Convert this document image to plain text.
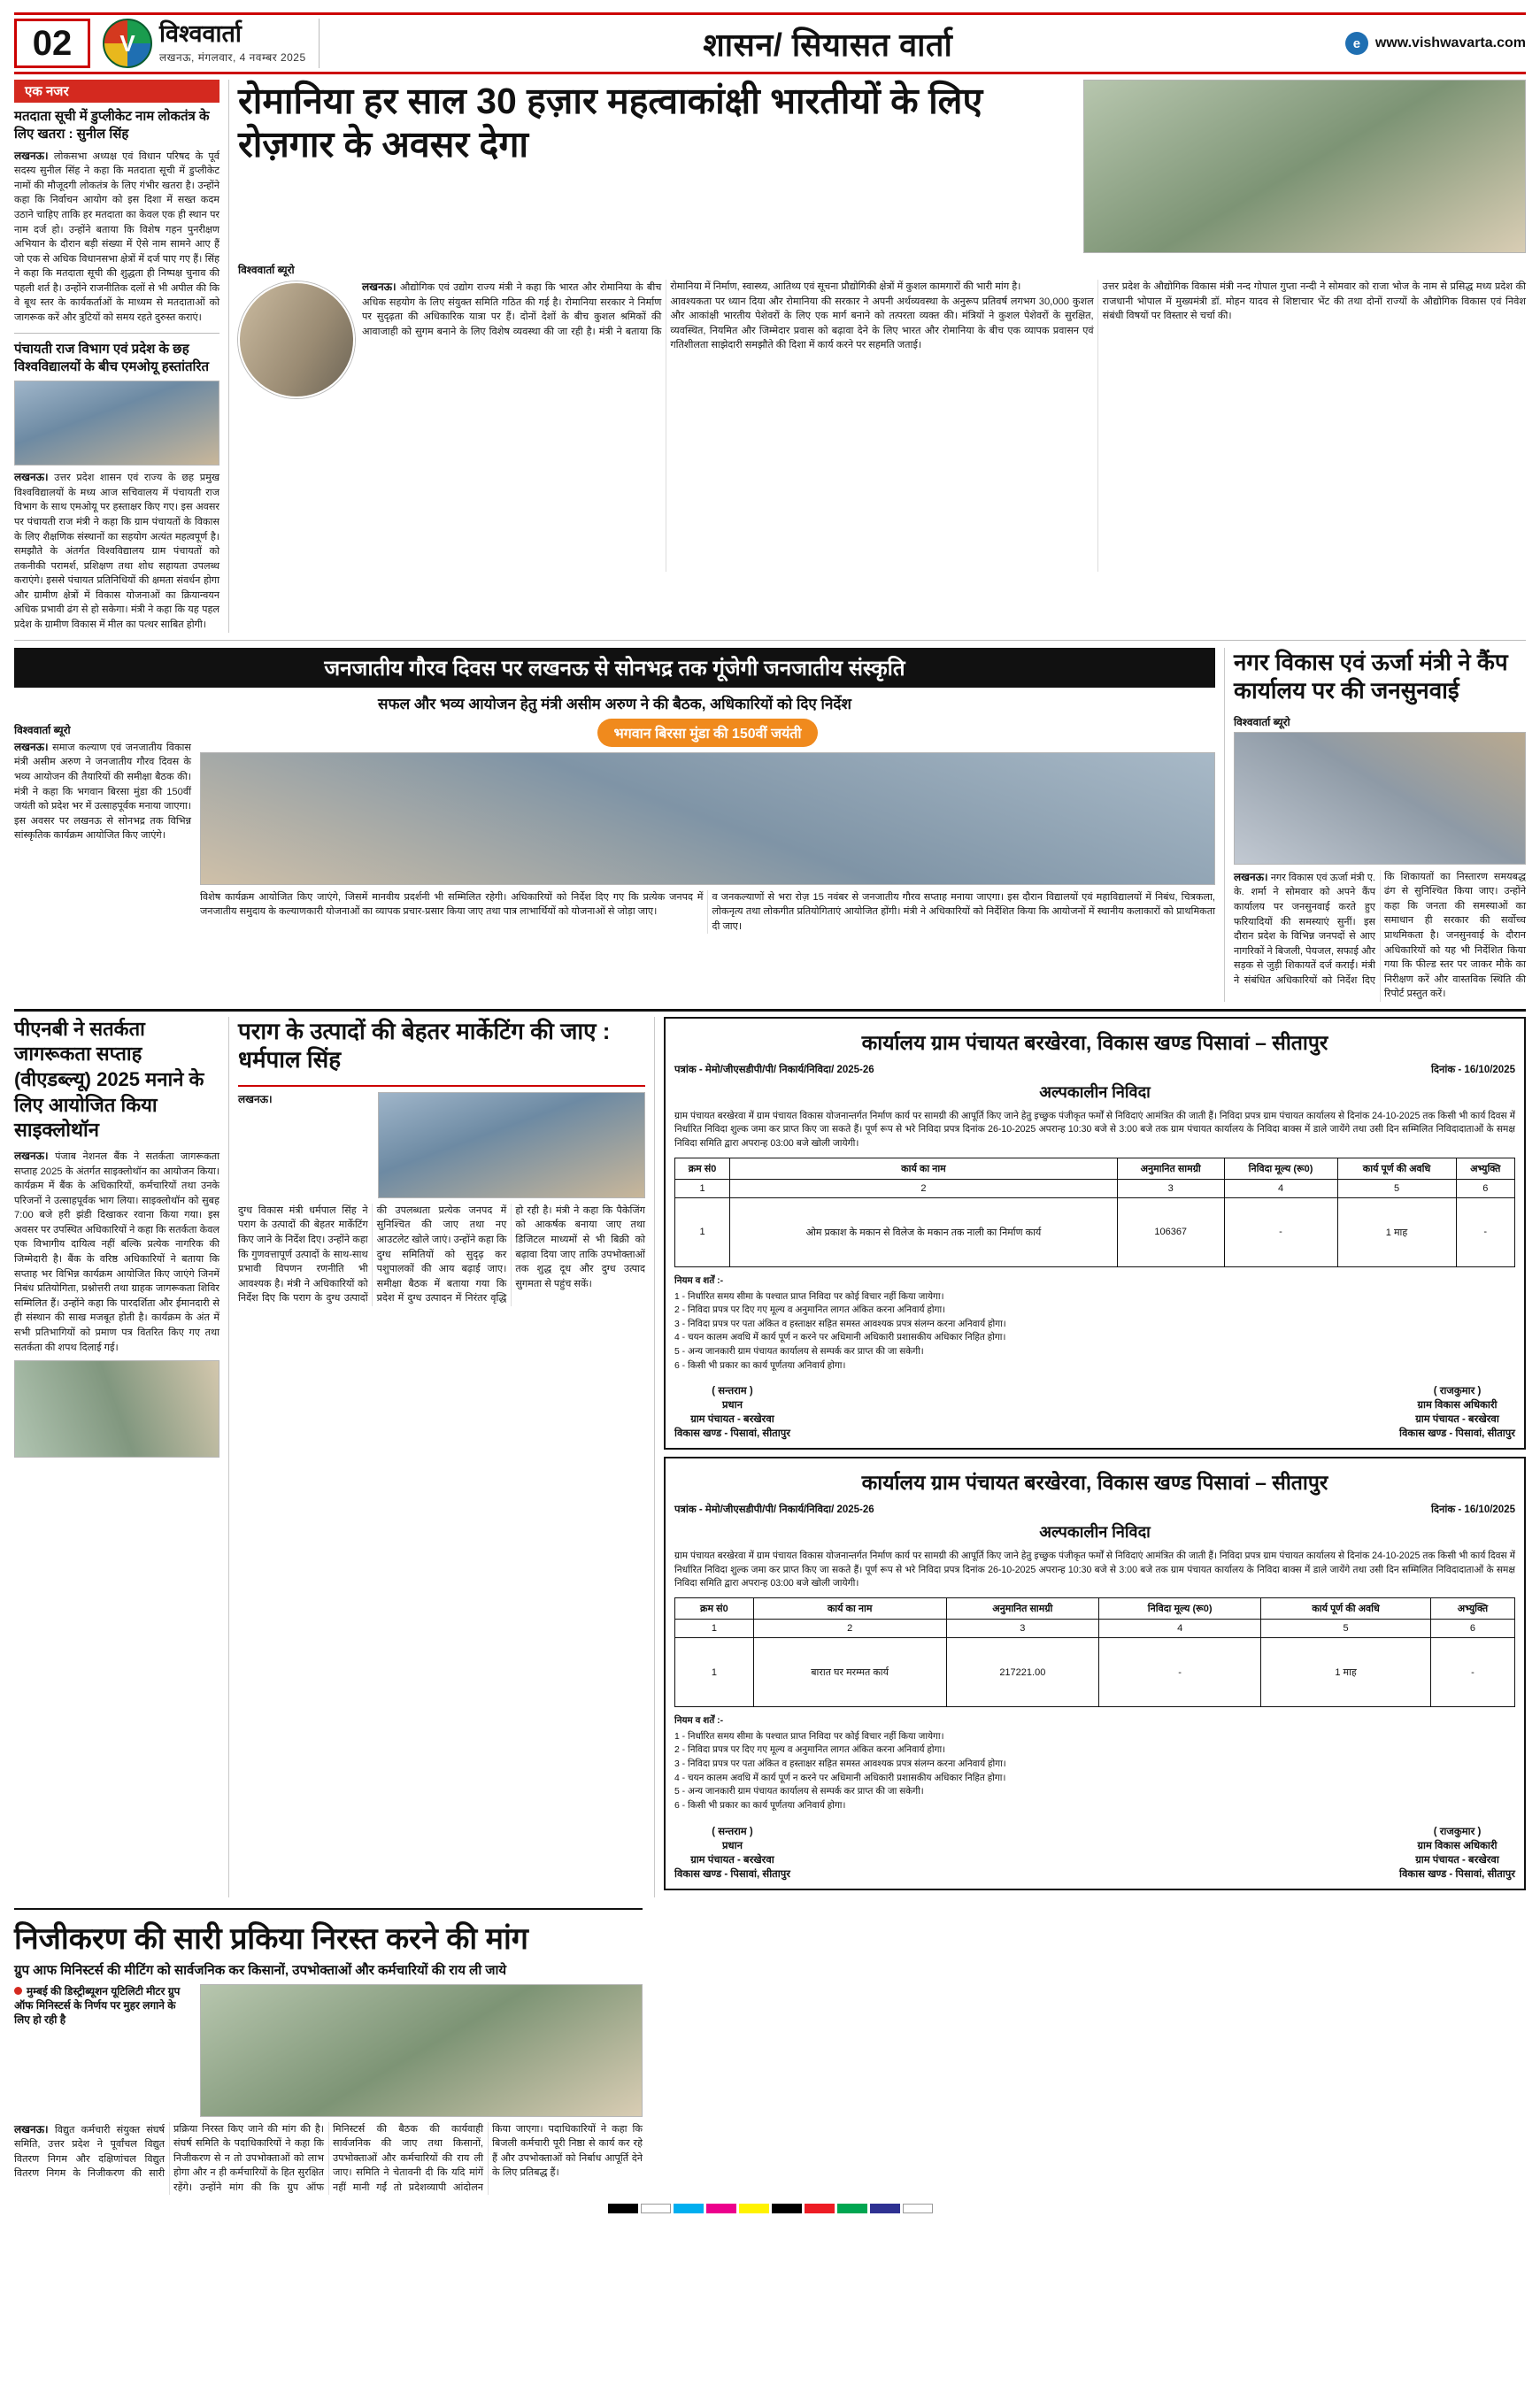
02	V	विश्ववार्ता
लखनऊ, मंगलवार, 4 नवम्बर 2025	शासन/ सियासत वार्ता	e	www.vishwavarta.com
एक नजर
मतदाता सूची में डुप्लीकेट नाम लोकतंत्र के लिए खतरा : सुनील सिंह
लखनऊ। लोकसभा अध्यक्ष एवं विधान परिषद के पूर्व सदस्य सुनील सिंह ने कहा कि मतदाता सूची में डुप्लीकेट नामों की मौजूदगी लोकतंत्र के लिए गंभीर खतरा है। उन्होंने कहा कि निर्वाचन आयोग को इस दिशा में सख्त कदम उठाने चाहिए ताकि हर मतदाता का केवल एक ही स्थान पर नाम दर्ज हो। उन्होंने बताया कि विशेष गहन पुनरीक्षण अभियान के दौरान बड़ी संख्या में ऐसे नाम सामने आए हैं जो एक से अधिक विधानसभा क्षेत्रों में दर्ज पाए गए हैं। सिंह ने कहा कि मतदाता सूची की शुद्धता ही निष्पक्ष चुनाव की पहली शर्त है। उन्होंने राजनीतिक दलों से भी अपील की कि वे बूथ स्तर के कार्यकर्ताओं के माध्यम से मतदाताओं को जागरूक करें और त्रुटियों को समय रहते दुरुस्त कराएं।
पंचायती राज विभाग एवं प्रदेश के छह विश्वविद्यालयों के बीच एमओयू हस्तांतरित
लखनऊ। उत्तर प्रदेश शासन एवं राज्य के छह प्रमुख विश्वविद्यालयों के मध्य आज सचिवालय में पंचायती राज विभाग के साथ एमओयू पर हस्ताक्षर किए गए। इस अवसर पर पंचायती राज मंत्री ने कहा कि ग्राम पंचायतों के विकास के लिए शैक्षणिक संस्थानों का सहयोग अत्यंत महत्वपूर्ण है। समझौते के अंतर्गत विश्वविद्यालय ग्राम पंचायतों को तकनीकी परामर्श, प्रशिक्षण तथा शोध सहायता उपलब्ध कराएंगे। इससे पंचायत प्रतिनिधियों की क्षमता संवर्धन होगा और ग्रामीण क्षेत्रों में विकास योजनाओं का क्रियान्वयन अधिक प्रभावी ढंग से हो सकेगा। मंत्री ने कहा कि यह पहल प्रदेश के ग्रामीण विकास में मील का पत्थर साबित होगी।
रोमानिया हर साल 30 हज़ार महत्वाकांक्षी भारतीयों के लिए रोज़गार के अवसर देगा
विश्ववार्ता ब्यूरो
लखनऊ। औद्योगिक एवं उद्योग राज्य मंत्री ने कहा कि भारत और रोमानिया के बीच अधिक सहयोग के लिए संयुक्त समिति गठित की गई है। रोमानिया सरकार ने निर्माण पर सुदृढ़ता की अधिकारिक यात्रा पर हैं। दोनों देशों के बीच कुशल श्रमिकों की आवाजाही को सुगम बनाने के लिए विशेष व्यवस्था की जा रही है। मंत्री ने बताया कि रोमानिया में निर्माण, स्वास्थ्य, आतिथ्य एवं सूचना प्रौद्योगिकी क्षेत्रों में कुशल कामगारों की भारी मांग है।
आवश्यकता पर ध्यान दिया और रोमानिया की सरकार ने अपनी अर्थव्यवस्था के अनुरूप प्रतिवर्ष लगभग 30,000 कुशल और आकांक्षी भारतीय पेशेवरों के लिए एक मार्ग बनाने को तत्परता व्यक्त की। मंत्रियों ने कुशल पेशेवरों के सुरक्षित, व्यवस्थित, नियमित और जिम्मेदार प्रवास को बढ़ावा देने के लिए भारत और रोमानिया के बीच एक व्यापक प्रवासन एवं गतिशीलता साझेदारी समझौते की दिशा में कार्य करने पर सहमति जताई।
उत्तर प्रदेश के औद्योगिक विकास मंत्री नन्द गोपाल गुप्ता नन्दी ने सोमवार को राजा भोज के नाम से प्रसिद्ध मध्य प्रदेश की राजधानी भोपाल में मुख्यमंत्री डॉ. मोहन यादव से शिष्टाचार भेंट की तथा दोनों राज्यों के औद्योगिक विकास एवं निवेश संबंधी विषयों पर विस्तार से चर्चा की।
जनजातीय गौरव दिवस पर लखनऊ से सोनभद्र तक गूंजेगी जनजातीय संस्कृति
सफल और भव्य आयोजन हेतु मंत्री असीम अरुण ने की बैठक, अधिकारियों को दिए निर्देश
विश्ववार्ता ब्यूरो
लखनऊ। समाज कल्याण एवं जनजातीय विकास मंत्री असीम अरुण ने जनजातीय गौरव दिवस के भव्य आयोजन की तैयारियों की समीक्षा बैठक की। मंत्री ने कहा कि भगवान बिरसा मुंडा की 150वीं जयंती को प्रदेश भर में उत्साहपूर्वक मनाया जाएगा। इस अवसर पर लखनऊ से सोनभद्र तक विभिन्न सांस्कृतिक कार्यक्रम आयोजित किए जाएंगे।
भगवान बिरसा मुंडा की 150वीं जयंती
विशेष कार्यक्रम आयोजित किए जाएंगे, जिसमें मानवीय प्रदर्शनी भी सम्मिलित रहेगी। अधिकारियों को निर्देश दिए गए कि प्रत्येक जनपद में जनजातीय समुदाय के कल्याणकारी योजनाओं का व्यापक प्रचार-प्रसार किया जाए तथा पात्र लाभार्थियों को योजनाओं से जोड़ा जाए।
व जनकल्याणों से भरा रोज़ 15 नवंबर से जनजातीय गौरव सप्ताह मनाया जाएगा। इस दौरान विद्यालयों एवं महाविद्यालयों में निबंध, चित्रकला, लोकनृत्य तथा लोकगीत प्रतियोगिताएं आयोजित होंगी। मंत्री ने अधिकारियों को निर्देशित किया कि आयोजनों में स्थानीय कलाकारों को प्राथमिकता दी जाए।
नगर विकास एवं ऊर्जा मंत्री ने कैंप कार्यालय पर की जनसुनवाई
विश्ववार्ता ब्यूरो
लखनऊ। नगर विकास एवं ऊर्जा मंत्री ए. के. शर्मा ने सोमवार को अपने कैंप कार्यालय पर जनसुनवाई करते हुए फरियादियों की समस्याएं सुनीं। इस दौरान प्रदेश के विभिन्न जनपदों से आए नागरिकों ने बिजली, पेयजल, सफाई और सड़क से जुड़ी शिकायतें दर्ज कराईं। मंत्री ने संबंधित अधिकारियों को निर्देश दिए कि शिकायतों का निस्तारण समयबद्ध ढंग से सुनिश्चित किया जाए। उन्होंने कहा कि जनता की समस्याओं का समाधान ही सरकार की सर्वोच्च प्राथमिकता है। जनसुनवाई के दौरान अधिकारियों को यह भी निर्देशित किया गया कि फील्ड स्तर पर जाकर मौके का निरीक्षण करें और वास्तविक स्थिति की रिपोर्ट प्रस्तुत करें।
पीएनबी ने सतर्कता जागरूकता सप्ताह (वीएडब्ल्यू) 2025 मनाने के लिए आयोजित किया साइक्लोथॉन
लखनऊ। पंजाब नेशनल बैंक ने सतर्कता जागरूकता सप्ताह 2025 के अंतर्गत साइक्लोथॉन का आयोजन किया। कार्यक्रम में बैंक के अधिकारियों, कर्मचारियों तथा उनके परिजनों ने उत्साहपूर्वक भाग लिया। साइक्लोथॉन को सुबह 7:00 बजे हरी झंडी दिखाकर रवाना किया गया। इस अवसर पर उपस्थित अधिकारियों ने कहा कि सतर्कता केवल एक विभागीय दायित्व नहीं बल्कि प्रत्येक नागरिक की जिम्मेदारी है। बैंक के वरिष्ठ अधिकारियों ने बताया कि सप्ताह भर विभिन्न कार्यक्रम आयोजित किए जाएंगे जिनमें निबंध प्रतियोगिता, प्रश्नोत्तरी तथा ग्राहक जागरूकता शिविर सम्मिलित हैं। उन्होंने कहा कि पारदर्शिता और ईमानदारी से ही संस्थान की साख मजबूत होती है। कार्यक्रम के अंत में सभी प्रतिभागियों को प्रमाण पत्र वितरित किए गए तथा सतर्कता की शपथ दिलाई गई।
पराग के उत्पादों की बेहतर मार्केटिंग की जाए : धर्मपाल सिंह
लखनऊ।
दुग्ध विकास मंत्री धर्मपाल सिंह ने पराग के उत्पादों की बेहतर मार्केटिंग किए जाने के निर्देश दिए। उन्होंने कहा कि गुणवत्तापूर्ण उत्पादों के साथ-साथ प्रभावी विपणन रणनीति भी आवश्यक है। मंत्री ने अधिकारियों को निर्देश दिए कि पराग के दुग्ध उत्पादों की उपलब्धता प्रत्येक जनपद में सुनिश्चित की जाए तथा नए आउटलेट खोले जाएं। उन्होंने कहा कि दुग्ध समितियों को सुदृढ़ कर पशुपालकों की आय बढ़ाई जाए। समीक्षा बैठक में बताया गया कि प्रदेश में दुग्ध उत्पादन में निरंतर वृद्धि हो रही है। मंत्री ने कहा कि पैकेजिंग को आकर्षक बनाया जाए तथा डिजिटल माध्यमों से भी बिक्री को बढ़ावा दिया जाए ताकि उपभोक्ताओं तक शुद्ध दूध और दुग्ध उत्पाद सुगमता से पहुंच सकें।
कार्यालय ग्राम पंचायत बरखेरवा, विकास खण्ड पिसावां – सीतापुर
पत्रांक - मेमो/जीएसडीपी/पी/ निकार्य/निविदा/ 2025-26	दिनांक - 16/10/2025
अल्पकालीन निविदा
ग्राम पंचायत बरखेरवा में ग्राम पंचायत विकास योजनान्तर्गत निर्माण कार्य पर सामग्री की आपूर्ति किए जाने हेतु इच्छुक पंजीकृत फर्मों से निविदाएं आमंत्रित की जाती हैं। निविदा प्रपत्र ग्राम पंचायत कार्यालय से दिनांक 24-10-2025 तक किसी भी कार्य दिवस में निर्धारित निविदा शुल्क जमा कर प्राप्त किए जा सकते हैं। पूर्ण रूप से भरे निविदा प्रपत्र दिनांक 26-10-2025 अपरान्ह 10:30 बजे से 3:00 बजे तक ग्राम पंचायत कार्यालय के निविदा बाक्स में डाले जायेंगे तथा उसी दिन सम्मिलित निविदादाताओं के समक्ष निविदा समिति द्वारा अपरान्ह 03:00 बजे खोली जायेगी।
क्रम सं0	कार्य का नाम	अनुमानित सामग्री	निविदा मूल्य (रू0)	कार्य पूर्ण की अवधि	अभ्युक्ति
1	2	3	4	5	6
1	ओम प्रकाश के मकान से विलेज के मकान तक नाली का निर्माण कार्य	106367	-	1 माह	-
नियम व शर्तें :-
1 - निर्धारित समय सीमा के पश्चात प्राप्त निविदा पर कोई विचार नहीं किया जायेगा।
2 - निविदा प्रपत्र पर दिए गए मूल्य व अनुमानित लागत अंकित करना अनिवार्य होगा।
3 - निविदा प्रपत्र पर पता अंकित व हस्ताक्षर सहित समस्त आवश्यक प्रपत्र संलग्न करना अनिवार्य होगा।
4 - चयन कालम अवधि में कार्य पूर्ण न करने पर अधिमानी अधिकारी प्रशासकीय अधिकार निहित होगा।
5 - अन्य जानकारी ग्राम पंचायत कार्यालय से सम्पर्क कर प्राप्त की जा सकेगी।
6 - किसी भी प्रकार का कार्य पूर्णतया अनिवार्य होगा।

( सन्तराम )

प्रधान

ग्राम पंचायत - बरखेरवा

विकास खण्ड - पिसावां, सीतापुर

( राजकुमार )

ग्राम विकास अधिकारी

ग्राम पंचायत - बरखेरवा

विकास खण्ड - पिसावां, सीतापुर

कार्यालय ग्राम पंचायत बरखेरवा, विकास खण्ड पिसावां – सीतापुर
पत्रांक - मेमो/जीएसडीपी/पी/ निकार्य/निविदा/ 2025-26	दिनांक - 16/10/2025
अल्पकालीन निविदा
ग्राम पंचायत बरखेरवा में ग्राम पंचायत विकास योजनान्तर्गत निर्माण कार्य पर सामग्री की आपूर्ति किए जाने हेतु इच्छुक पंजीकृत फर्मों से निविदाएं आमंत्रित की जाती हैं। निविदा प्रपत्र ग्राम पंचायत कार्यालय से दिनांक 24-10-2025 तक किसी भी कार्य दिवस में निर्धारित निविदा शुल्क जमा कर प्राप्त किए जा सकते हैं। पूर्ण रूप से भरे निविदा प्रपत्र दिनांक 26-10-2025 अपरान्ह 10:30 बजे से 3:00 बजे तक ग्राम पंचायत कार्यालय के निविदा बाक्स में डाले जायेंगे तथा उसी दिन सम्मिलित निविदादाताओं के समक्ष निविदा समिति द्वारा अपरान्ह 03:00 बजे खोली जायेगी।
क्रम सं0	कार्य का नाम	अनुमानित सामग्री	निविदा मूल्य (रू0)	कार्य पूर्ण की अवधि	अभ्युक्ति
1	2	3	4	5	6
1	बारात घर मरम्मत कार्य	217221.00	-	1 माह	-
नियम व शर्तें :-
1 - निर्धारित समय सीमा के पश्चात प्राप्त निविदा पर कोई विचार नहीं किया जायेगा।
2 - निविदा प्रपत्र पर दिए गए मूल्य व अनुमानित लागत अंकित करना अनिवार्य होगा।
3 - निविदा प्रपत्र पर पता अंकित व हस्ताक्षर सहित समस्त आवश्यक प्रपत्र संलग्न करना अनिवार्य होगा।
4 - चयन कालम अवधि में कार्य पूर्ण न करने पर अधिमानी अधिकारी प्रशासकीय अधिकार निहित होगा।
5 - अन्य जानकारी ग्राम पंचायत कार्यालय से सम्पर्क कर प्राप्त की जा सकेगी।
6 - किसी भी प्रकार का कार्य पूर्णतया अनिवार्य होगा।

( सन्तराम )

प्रधान

ग्राम पंचायत - बरखेरवा

विकास खण्ड - पिसावां, सीतापुर

( राजकुमार )

ग्राम विकास अधिकारी

ग्राम पंचायत - बरखेरवा

विकास खण्ड - पिसावां, सीतापुर

निजीकरण की सारी प्रकिया निरस्त करने की मांग
ग्रुप आफ मिनिस्टर्स की मीटिंग को सार्वजनिक कर किसानों, उपभोक्ताओं और कर्मचारियों की राय ली जाये
मुम्बई की डिस्ट्रीब्यूशन यूटिलिटी मीटर ग्रुप ऑफ मिनिस्टर्स के निर्णय पर मुहर लगाने के लिए हो रही है
लखनऊ। विद्युत कर्मचारी संयुक्त संघर्ष समिति, उत्तर प्रदेश ने पूर्वांचल विद्युत वितरण निगम और दक्षिणांचल विद्युत वितरण निगम के निजीकरण की सारी प्रक्रिया निरस्त किए जाने की मांग की है। संघर्ष समिति के पदाधिकारियों ने कहा कि निजीकरण से न तो उपभोक्ताओं को लाभ होगा और न ही कर्मचारियों के हित सुरक्षित रहेंगे। उन्होंने मांग की कि ग्रुप ऑफ मिनिस्टर्स की बैठक की कार्यवाही सार्वजनिक की जाए तथा किसानों, उपभोक्ताओं और कर्मचारियों की राय ली जाए। समिति ने चेतावनी दी कि यदि मांगें नहीं मानी गईं तो प्रदेशव्यापी आंदोलन किया जाएगा। पदाधिकारियों ने कहा कि बिजली कर्मचारी पूरी निष्ठा से कार्य कर रहे हैं और उपभोक्ताओं को निर्बाध आपूर्ति देने के लिए प्रतिबद्ध हैं।
